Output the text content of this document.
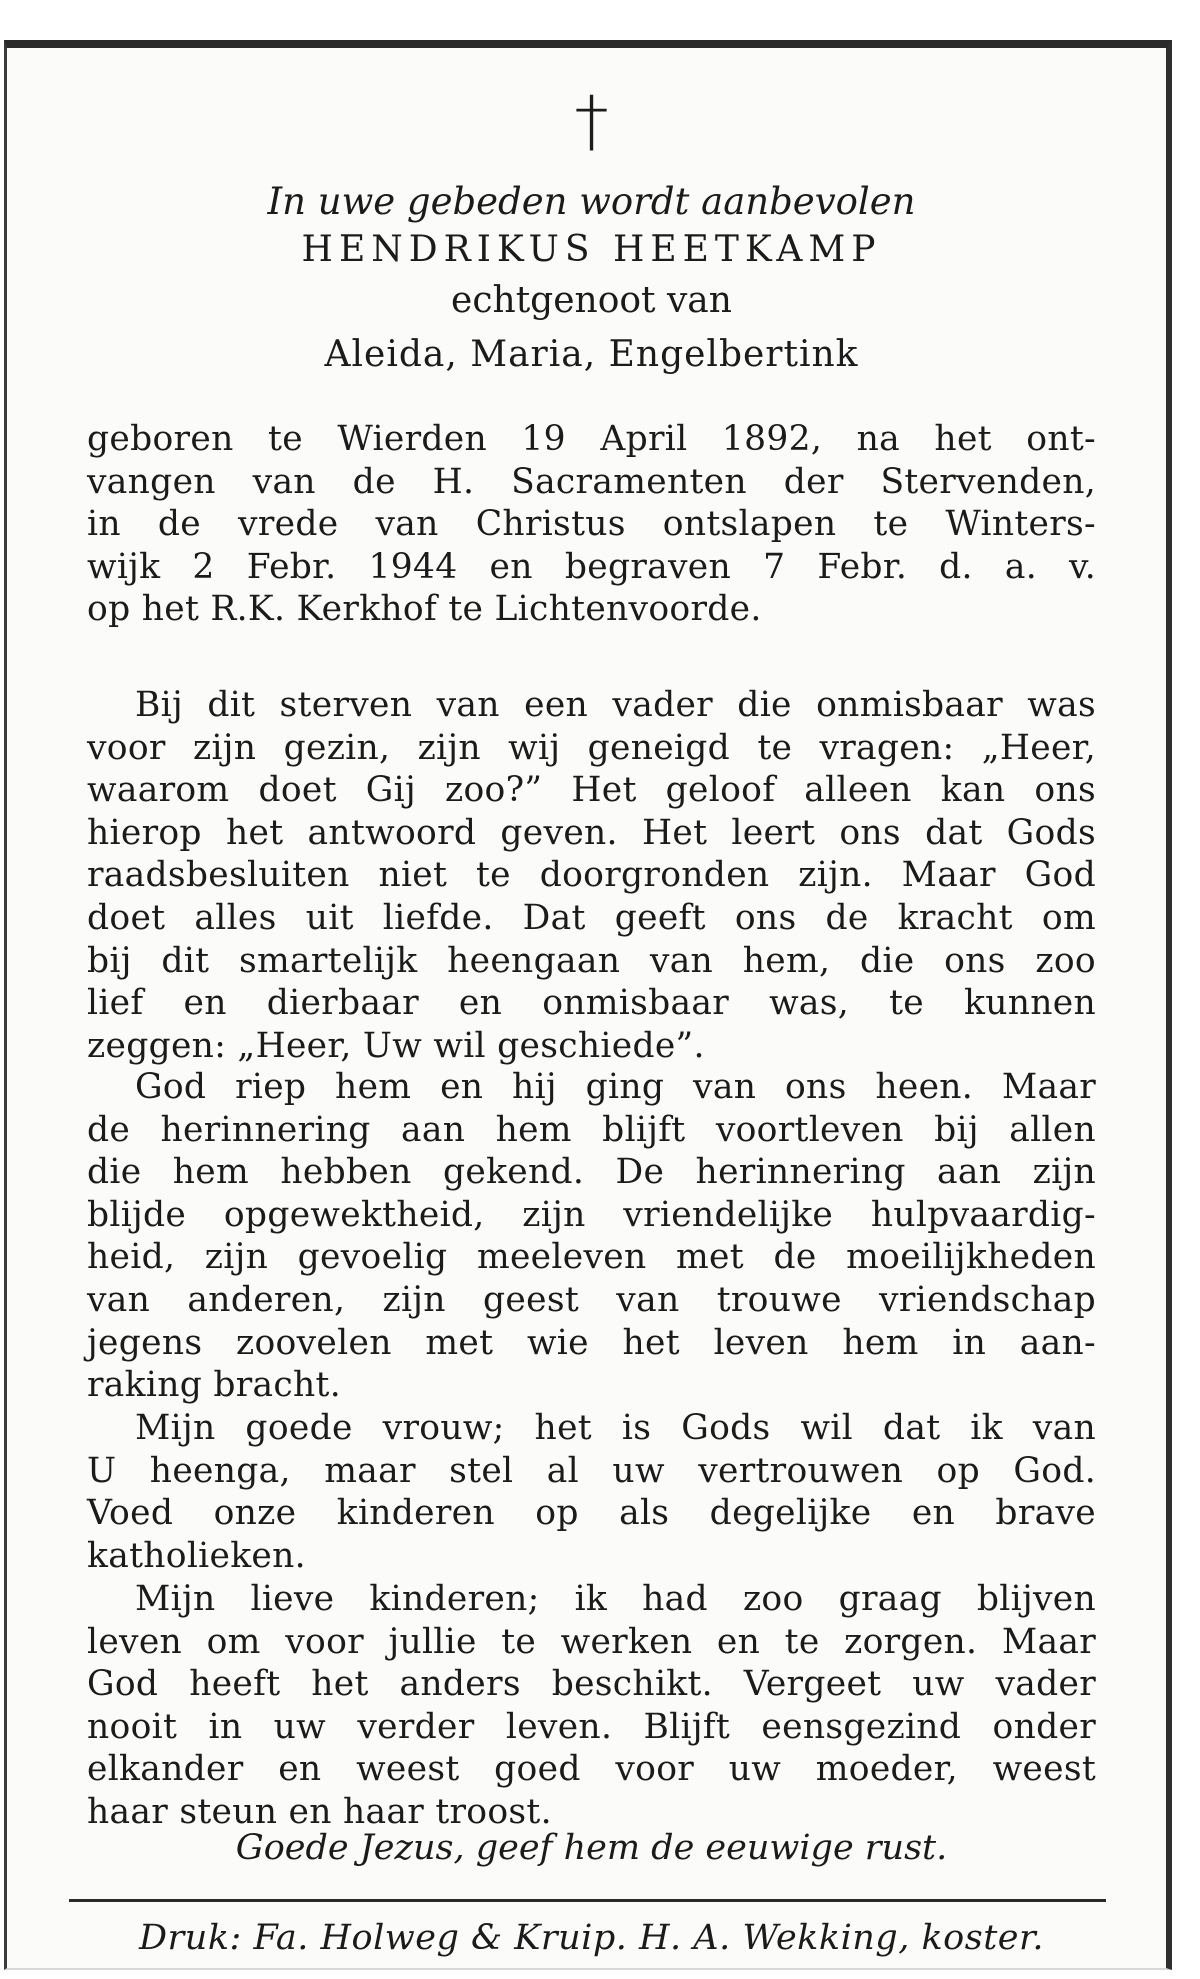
†
In uwe gebeden wordt aanbevolen
HENDRIKUS HEETKAMP
echtgenoot van
Aleida, Maria, Engelbertink
geboren te Wierden 19 April 1892, na het ont-
vangen van de H. Sacramenten der Stervenden,
in de vrede van Christus ontslapen te Winters-
wijk 2 Febr. 1944 en begraven 7 Febr. d. a. v.
op het R.K. Kerkhof te Lichtenvoorde.
Bij dit sterven van een vader die onmisbaar was
voor zijn gezin, zijn wij geneigd te vragen: „Heer,
waarom doet Gij zoo?” Het geloof alleen kan ons
hierop het antwoord geven. Het leert ons dat Gods
raadsbesluiten niet te doorgronden zijn. Maar God
doet alles uit liefde. Dat geeft ons de kracht om
bij dit smartelijk heengaan van hem, die ons zoo
lief en dierbaar en onmisbaar was, te kunnen
zeggen: „Heer, Uw wil geschiede”.
God riep hem en hij ging van ons heen. Maar
de herinnering aan hem blijft voortleven bij allen
die hem hebben gekend. De herinnering aan zijn
blijde opgewektheid, zijn vriendelijke hulpvaardig-
heid, zijn gevoelig meeleven met de moeilijkheden
van anderen, zijn geest van trouwe vriendschap
jegens zoovelen met wie het leven hem in aan-
raking bracht.
Mijn goede vrouw; het is Gods wil dat ik van
U heenga, maar stel al uw vertrouwen op God.
Voed onze kinderen op als degelijke en brave
katholieken.
Mijn lieve kinderen; ik had zoo graag blijven
leven om voor jullie te werken en te zorgen. Maar
God heeft het anders beschikt. Vergeet uw vader
nooit in uw verder leven. Blijft eensgezind onder
elkander en weest goed voor uw moeder, weest
haar steun en haar troost.
Goede Jezus, geef hem de eeuwige rust.
Druk: Fa. Holweg & Kruip. H. A. Wekking, koster.
